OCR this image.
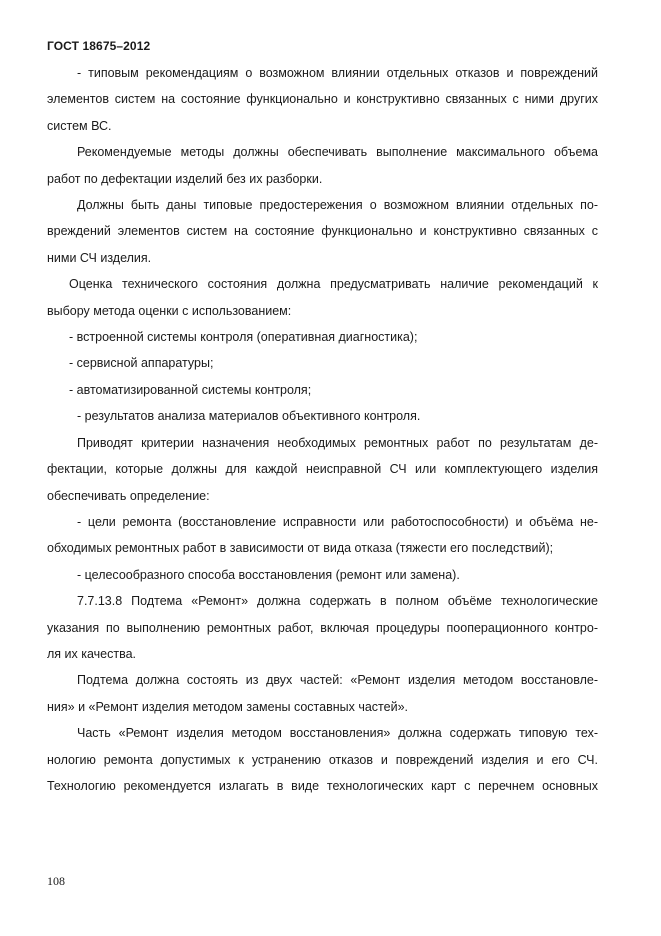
ГОСТ 18675–2012
- типовым рекомендациям о возможном влиянии отдельных отказов и повреждений
элементов систем на состояние функционально и конструктивно связанных с ними других
систем ВС.
Рекомендуемые методы должны обеспечивать выполнение максимального объема
работ по дефектации изделий без их разборки.
Должны быть даны типовые предостережения о возможном влиянии отдельных по-
вреждений элементов систем на состояние функционально и конструктивно связанных с
ними СЧ изделия.
Оценка технического состояния должна предусматривать наличие рекомендаций к
выбору метода оценки с использованием:
- встроенной системы контроля (оперативная диагностика);
- сервисной аппаратуры;
- автоматизированной системы контроля;
- результатов анализа материалов объективного контроля.
Приводят критерии назначения необходимых ремонтных работ по результатам де-
фектации, которые должны для каждой неисправной СЧ или комплектующего изделия
обеспечивать определение:
- цели ремонта (восстановление исправности или работоспособности) и объёма не-
обходимых ремонтных работ в зависимости от вида отказа (тяжести его последствий);
- целесообразного способа восстановления (ремонт или замена).
7.7.13.8 Подтема «Ремонт» должна содержать в полном объёме технологические
указания по выполнению ремонтных работ, включая процедуры пооперационного контро-
ля их качества.
Подтема должна состоять из двух частей: «Ремонт изделия методом восстановле-
ния» и «Ремонт изделия методом замены составных частей».
Часть «Ремонт изделия методом восстановления» должна содержать типовую тех-
нологию ремонта допустимых к устранению отказов и повреждений изделия и его СЧ.
Технологию рекомендуется излагать в виде технологических карт с перечнем основных
108
